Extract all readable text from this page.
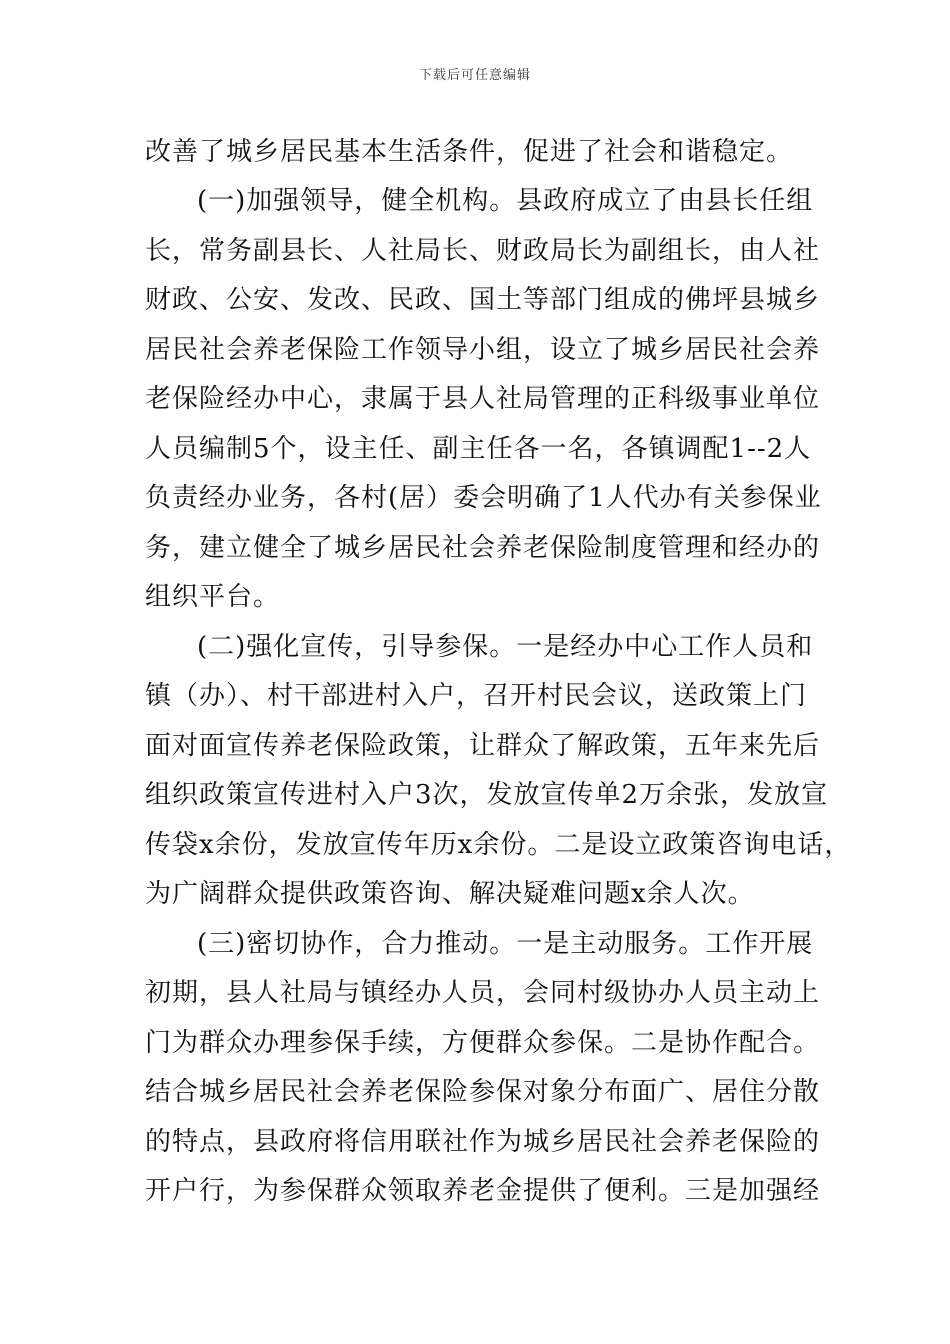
下载后可任意编辑
改善了城乡居民基本生活条件，促进了社会和谐稳定。
(一)加强领导，健全机构。县政府成立了由县长任组
长，常务副县长、人社局长、财政局长为副组长，由人社
财政、公安、发改、民政、国土等部门组成的佛坪县城乡
居民社会养老保险工作领导小组，设立了城乡居民社会养
老保险经办中心，隶属于县人社局管理的正科级事业单位
人员编制5个，设主任、副主任各一名，各镇调配1--2人
负责经办业务，各村(居）委会明确了1人代办有关参保业
务，建立健全了城乡居民社会养老保险制度管理和经办的
组织平台。
(二)强化宣传，引导参保。一是经办中心工作人员和
镇（办）、村干部进村入户，召开村民会议，送政策上门
面对面宣传养老保险政策，让群众了解政策，五年来先后
组织政策宣传进村入户3次，发放宣传单2万余张，发放宣
传袋x余份，发放宣传年历x余份。二是设立政策咨询电话，
为广阔群众提供政策咨询、解决疑难问题x余人次。
(三)密切协作，合力推动。一是主动服务。工作开展
初期，县人社局与镇经办人员，会同村级协办人员主动上
门为群众办理参保手续，方便群众参保。二是协作配合。
结合城乡居民社会养老保险参保对象分布面广、居住分散
的特点，县政府将信用联社作为城乡居民社会养老保险的
开户行，为参保群众领取养老金提供了便利。三是加强经
